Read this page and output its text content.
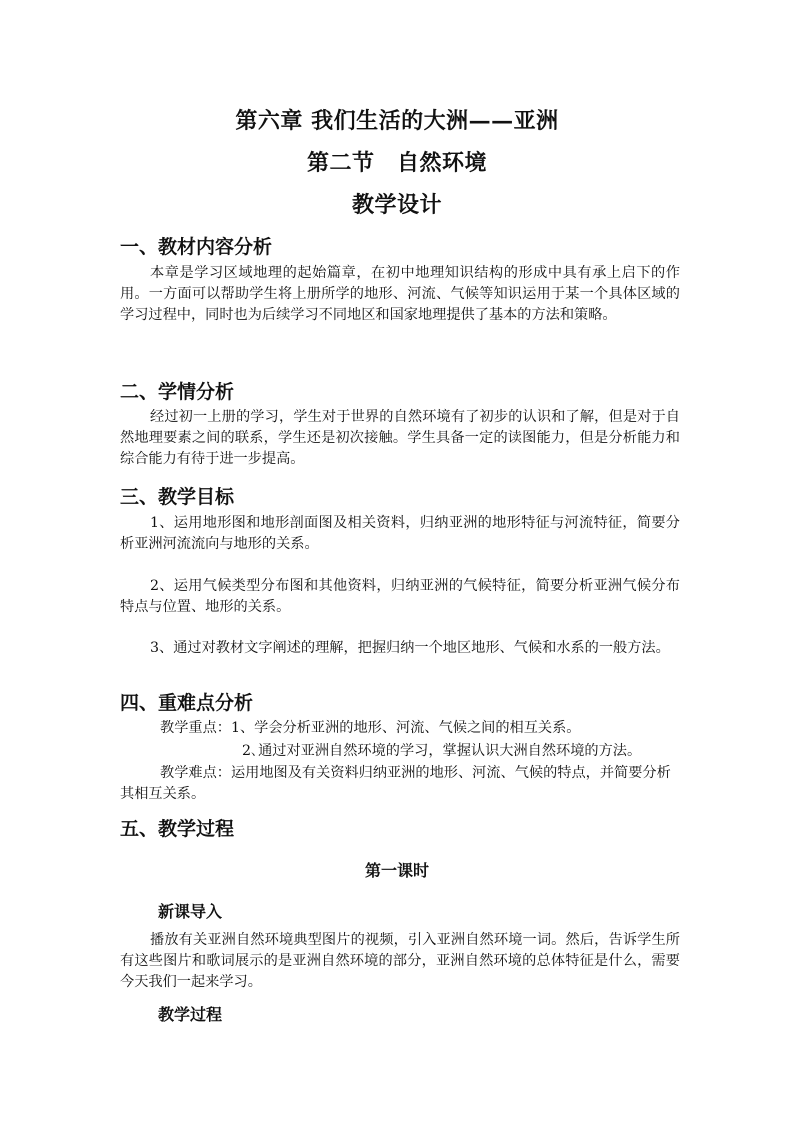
第六章 我们生活的大洲——亚洲
第二节　自然环境
教学设计
一、教材内容分析
本章是学习区域地理的起始篇章，在初中地理知识结构的形成中具有承上启下的作用。一方面可以帮助学生将上册所学的地形、河流、气候等知识运用于某一个具体区域的学习过程中，同时也为后续学习不同地区和国家地理提供了基本的方法和策略。
二、学情分析
经过初一上册的学习，学生对于世界的自然环境有了初步的认识和了解，但是对于自然地理要素之间的联系，学生还是初次接触。学生具备一定的读图能力，但是分析能力和综合能力有待于进一步提高。
三、教学目标
1、运用地形图和地形剖面图及相关资料，归纳亚洲的地形特征与河流特征，简要分析亚洲河流流向与地形的关系。
2、运用气候类型分布图和其他资料，归纳亚洲的气候特征，简要分析亚洲气候分布特点与位置、地形的关系。
3、通过对教材文字阐述的理解，把握归纳一个地区地形、气候和水系的一般方法。
四、重难点分析
教学重点：1、学会分析亚洲的地形、河流、气候之间的相互关系。
2､通过对亚洲自然环境的学习，掌握认识大洲自然环境的方法。
教学难点：运用地图及有关资料归纳亚洲的地形、河流、气候的特点，并简要分析
其相互关系。
五、教学过程
第一课时
新课导入
播放有关亚洲自然环境典型图片的视频，引入亚洲自然环境一词。然后，告诉学生所有这些图片和歌词展示的是亚洲自然环境的部分，亚洲自然环境的总体特征是什么，需要今天我们一起来学习。
教学过程
